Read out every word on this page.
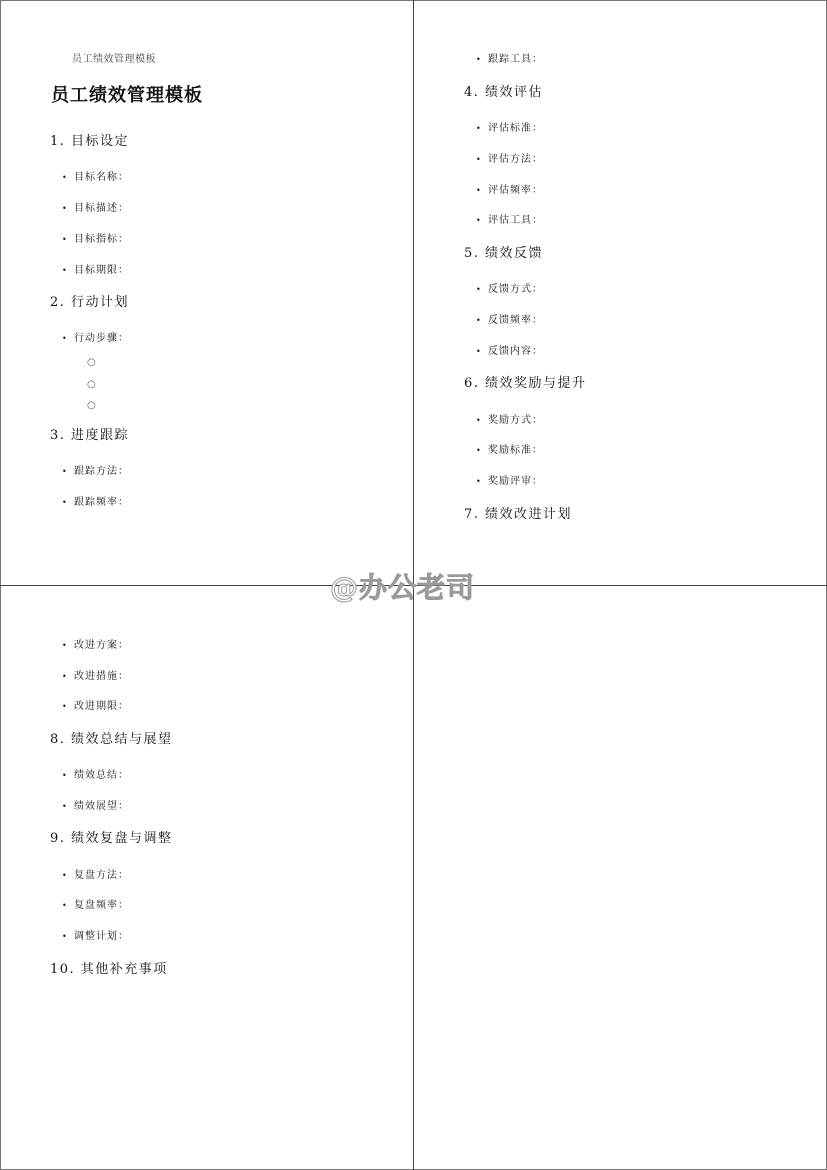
员工绩效管理模板
员工绩效管理模板
1. 目标设定
• 目标名称：
• 目标描述：
• 目标指标：
• 目标期限：
2. 行动计划
• 行动步骤：
○
○
○
3. 进度跟踪
• 跟踪方法：
• 跟踪频率：
• 跟踪工具：
4. 绩效评估
• 评估标准：
• 评估方法：
• 评估频率：
• 评估工具：
5. 绩效反馈
• 反馈方式：
• 反馈频率：
• 反馈内容：
6. 绩效奖励与提升
• 奖励方式：
• 奖励标准：
• 奖励评审：
7. 绩效改进计划
• 改进方案：
• 改进措施：
• 改进期限：
8. 绩效总结与展望
• 绩效总结：
• 绩效展望：
9. 绩效复盘与调整
• 复盘方法：
• 复盘频率：
• 调整计划：
10. 其他补充事项
@办公老司
